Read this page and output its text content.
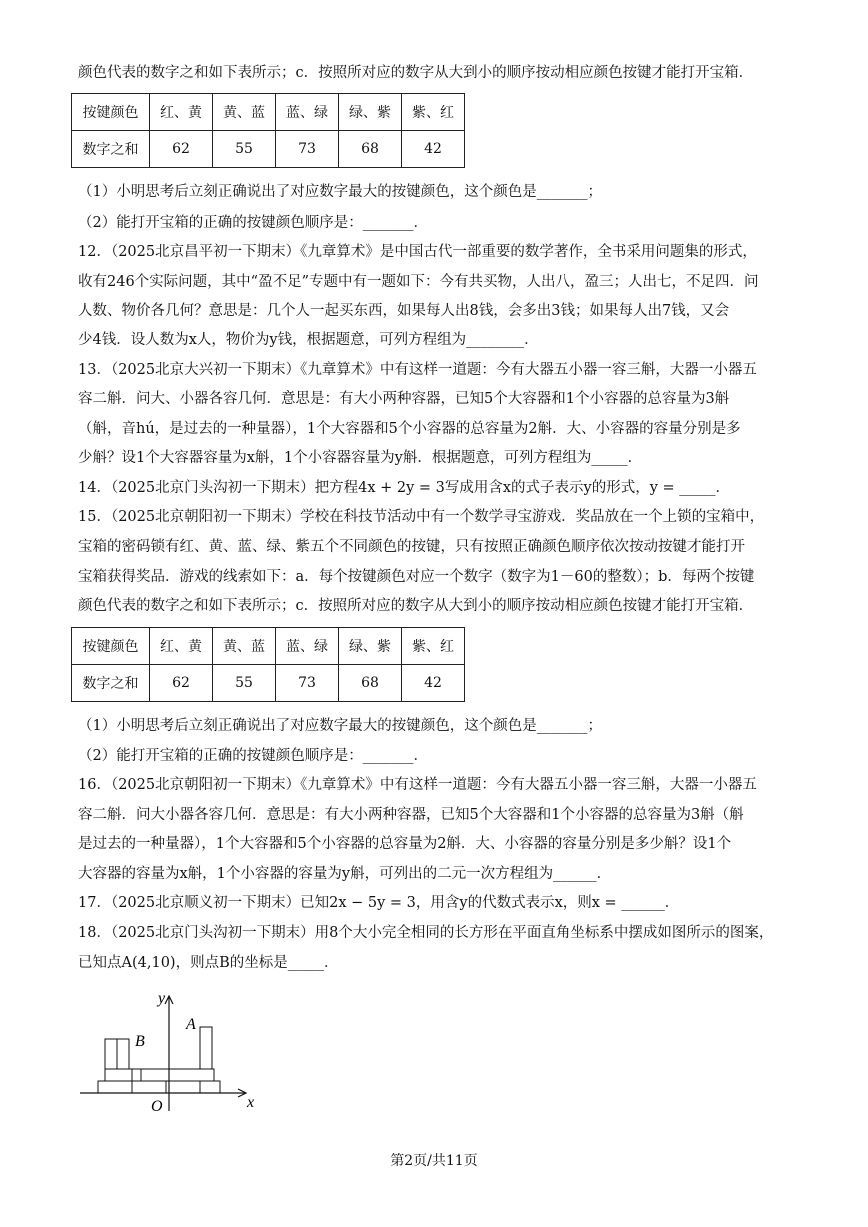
颜色代表的数字之和如下表所示；c．按照所对应的数字从大到小的顺序按动相应颜色按键才能打开宝箱．
按键颜色	红、黄	黄、蓝	蓝、绿	绿、紫	紫、红
数字之和	62	55	73	68	42
（1）小明思考后立刻正确说出了对应数字最大的按键颜色，这个颜色是_______；
（2）能打开宝箱的正确的按键颜色顺序是：_______．
12．（2025北京昌平初一下期末）《九章算术》是中国古代一部重要的数学著作，全书采用问题集的形式，
收有246个实际问题，其中“盈不足”专题中有一题如下：今有共买物，人出八，盈三；人出七，不足四．问
人数、物价各几何？意思是：几个人一起买东西，如果每人出8钱，会多出3钱；如果每人出7钱，又会
少4钱．设人数为x人，物价为y钱，根据题意，可列方程组为________．
13．（2025北京大兴初一下期末）《九章算术》中有这样一道题：今有大器五小器一容三斛，大器一小器五
容二斛．问大、小器各容几何．意思是：有大小两种容器，已知5个大容器和1个小容器的总容量为3斛
（斛，音hú，是过去的一种量器），1个大容器和5个小容器的总容量为2斛．大、小容器的容量分别是多
少斛？设1个大容器容量为x斛，1个小容器容量为y斛．根据题意，可列方程组为_____．
14．（2025北京门头沟初一下期末）把方程4x + 2y = 3写成用含x的式子表示y的形式，y = _____．
15．（2025北京朝阳初一下期末）学校在科技节活动中有一个数学寻宝游戏．奖品放在一个上锁的宝箱中，
宝箱的密码锁有红、黄、蓝、绿、紫五个不同颜色的按键，只有按照正确颜色顺序依次按动按键才能打开
宝箱获得奖品．游戏的线索如下：a．每个按键颜色对应一个数字（数字为1－60的整数）；b．每两个按键
颜色代表的数字之和如下表所示；c．按照所对应的数字从大到小的顺序按动相应颜色按键才能打开宝箱．
按键颜色	红、黄	黄、蓝	蓝、绿	绿、紫	紫、红
数字之和	62	55	73	68	42
（1）小明思考后立刻正确说出了对应数字最大的按键颜色，这个颜色是_______；
（2）能打开宝箱的正确的按键颜色顺序是：_______．
16．（2025北京朝阳初一下期末）《九章算术》中有这样一道题：今有大器五小器一容三斛，大器一小器五
容二斛．问大小器各容几何．意思是：有大小两种容器，已知5个大容器和1个小容器的总容量为3斛（斛
是过去的一种量器），1个大容器和5个小容器的总容量为2斛．大、小容器的容量分别是多少斛？设1个
大容器的容量为x斛，1个小容器的容量为y斛，可列出的二元一次方程组为______．
17．（2025北京顺义初一下期末）已知2x − 5y = 3，用含y的代数式表示x，则x = ______．
18．（2025北京门头沟初一下期末）用8个大小完全相同的长方形在平面直角坐标系中摆成如图所示的图案，
已知点A(4,10)，则点B的坐标是_____．
y
x
O
A
B
第2页/共11页
